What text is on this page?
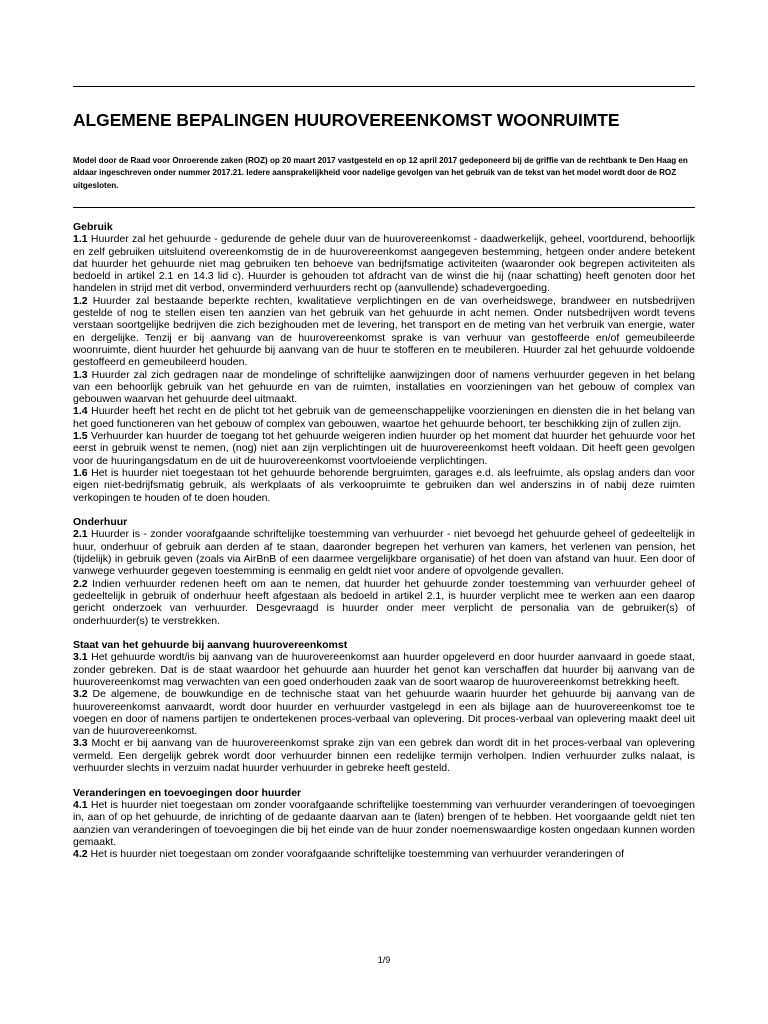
ALGEMENE BEPALINGEN HUUROVEREENKOMST WOONRUIMTE

Model door de Raad voor Onroerende zaken (ROZ) op 20 maart 2017 vastgesteld en op 12 april 2017 gedeponeerd bij de griffie van de rechtbank te Den Haag en aldaar ingeschreven onder nummer 2017.21. Iedere aansprakelijkheid voor nadelige gevolgen van het gebruik van de tekst van het model wordt door de ROZ uitgesloten.

Gebruik

1.1 Huurder zal het gehuurde - gedurende de gehele duur van de huurovereenkomst - daadwerkelijk, geheel, voortdurend, behoorlijk en zelf gebruiken uitsluitend overeenkomstig de in de huurovereenkomst aangegeven bestemming, hetgeen onder andere betekent dat huurder het gehuurde niet mag gebruiken ten behoeve van bedrijfsmatige activiteiten (waaronder ook begrepen activiteiten als bedoeld in artikel 2.1 en 14.3 lid c). Huurder is gehouden tot afdracht van de winst die hij (naar schatting) heeft genoten door het handelen in strijd met dit verbod, onverminderd verhuurders recht op (aanvullende) schadevergoeding.

1.2 Huurder zal bestaande beperkte rechten, kwalitatieve verplichtingen en de van overheidswege, brandweer en nutsbedrijven gestelde of nog te stellen eisen ten aanzien van het gebruik van het gehuurde in acht nemen. Onder nutsbedrijven wordt tevens verstaan soortgelijke bedrijven die zich bezighouden met de levering, het transport en de meting van het verbruik van energie, water en dergelijke. Tenzij er bij aanvang van de huurovereenkomst sprake is van verhuur van gestoffeerde en/of gemeubileerde woonruimte, dient huurder het gehuurde bij aanvang van de huur te stofferen en te meubileren. Huurder zal het gehuurde voldoende gestoffeerd en gemeubileerd houden.

1.3 Huurder zal zich gedragen naar de mondelinge of schriftelijke aanwijzingen door of namens verhuurder gegeven in het belang van een behoorlijk gebruik van het gehuurde en van de ruimten, installaties en voorzieningen van het gebouw of complex van gebouwen waarvan het gehuurde deel uitmaakt.

1.4 Huurder heeft het recht en de plicht tot het gebruik van de gemeenschappelijke voorzieningen en diensten die in het belang van het goed functioneren van het gebouw of complex van gebouwen, waartoe het gehuurde behoort, ter beschikking zijn of zullen zijn.

1.5 Verhuurder kan huurder de toegang tot het gehuurde weigeren indien huurder op het moment dat huurder het gehuurde voor het eerst in gebruik wenst te nemen, (nog) niet aan zijn verplichtingen uit de huurovereenkomst heeft voldaan. Dit heeft geen gevolgen voor de huuringangsdatum en de uit de huurovereenkomst voortvloeiende verplichtingen.

1.6 Het is huurder niet toegestaan tot het gehuurde behorende bergruimten, garages e.d. als leefruimte, als opslag anders dan voor eigen niet-bedrijfsmatig gebruik, als werkplaats of als verkoopruimte te gebruiken dan wel anderszins in of nabij deze ruimten verkopingen te houden of te doen houden.

Onderhuur

2.1 Huurder is - zonder voorafgaande schriftelijke toestemming van verhuurder - niet bevoegd het gehuurde geheel of gedeeltelijk in huur, onderhuur of gebruik aan derden af te staan, daaronder begrepen het verhuren van kamers, het verlenen van pension, het (tijdelijk) in gebruik geven (zoals via AirBnB of een daarmee vergelijkbare organisatie) of het doen van afstand van huur. Een door of vanwege verhuurder gegeven toestemming is eenmalig en geldt niet voor andere of opvolgende gevallen.

2.2 Indien verhuurder redenen heeft om aan te nemen, dat huurder het gehuurde zonder toestemming van verhuurder geheel of gedeeltelijk in gebruik of onderhuur heeft afgestaan als bedoeld in artikel 2.1, is huurder verplicht mee te werken aan een daarop gericht onderzoek van verhuurder. Desgevraagd is huurder onder meer verplicht de personalia van de gebruiker(s) of onderhuurder(s) te verstrekken.

Staat van het gehuurde bij aanvang huurovereenkomst

3.1 Het gehuurde wordt/is bij aanvang van de huurovereenkomst aan huurder opgeleverd en door huurder aanvaard in goede staat, zonder gebreken. Dat is de staat waardoor het gehuurde aan huurder het genot kan verschaffen dat huurder bij aanvang van de huurovereenkomst mag verwachten van een goed onderhouden zaak van de soort waarop de huurovereenkomst betrekking heeft.

3.2 De algemene, de bouwkundige en de technische staat van het gehuurde waarin huurder het gehuurde bij aanvang van de huurovereenkomst aanvaardt, wordt door huurder en verhuurder vastgelegd in een als bijlage aan de huurovereenkomst toe te voegen en door of namens partijen te ondertekenen proces-verbaal van oplevering. Dit proces-verbaal van oplevering maakt deel uit van de huurovereenkomst.

3.3 Mocht er bij aanvang van de huurovereenkomst sprake zijn van een gebrek dan wordt dit in het proces-verbaal van oplevering vermeld. Een dergelijk gebrek wordt door verhuurder binnen een redelijke termijn verholpen. Indien verhuurder zulks nalaat, is verhuurder slechts in verzuim nadat huurder verhuurder in gebreke heeft gesteld.

Veranderingen en toevoegingen door huurder

4.1 Het is huurder niet toegestaan om zonder voorafgaande schriftelijke toestemming van verhuurder veranderingen of toevoegingen in, aan of op het gehuurde, de inrichting of de gedaante daarvan aan te (laten) brengen of te hebben. Het voorgaande geldt niet ten aanzien van veranderingen of toevoegingen die bij het einde van de huur zonder noemenswaardige kosten ongedaan kunnen worden gemaakt.

4.2 Het is huurder niet toegestaan om zonder voorafgaande schriftelijke toestemming van verhuurder veranderingen of

1/9
